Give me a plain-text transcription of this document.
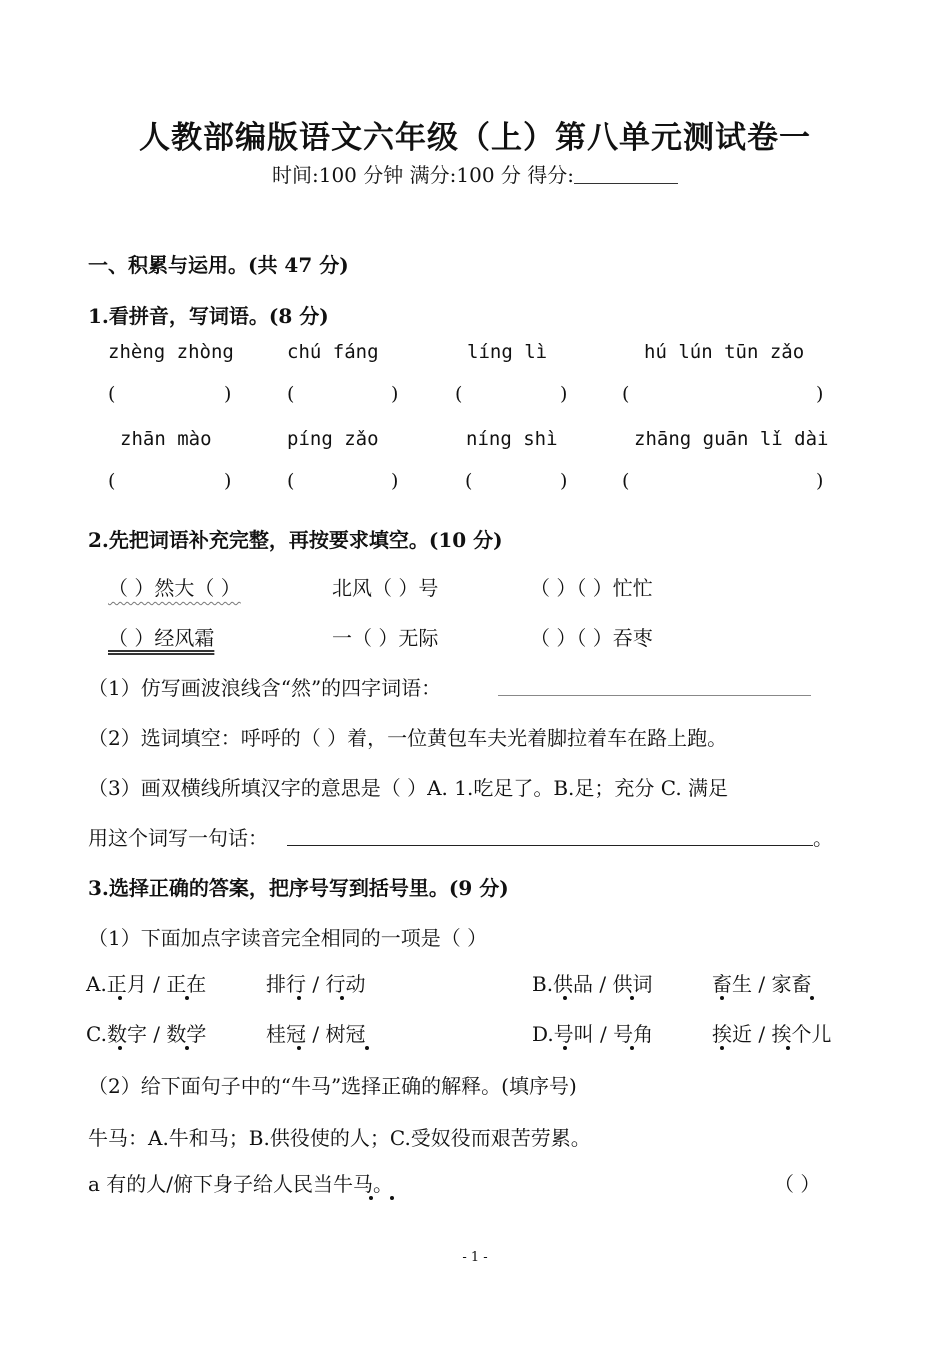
人教部编版语文六年级（上）第八单元测试卷一
时间:100 分钟 满分:100 分 得分:
一、积累与运用。(共 47 分)
1.看拼音，写词语。(8 分)
zhèng zhòng	chú fáng	líng lì	hú lún tūn zǎo
(	)	(	)	(	)	(	)
zhān mào	píng zǎo	níng shì	zhāng guān lǐ dài
(	)	(	)	(	)	(	)
2.先把词语补充完整，再按要求填空。(10 分)
（ ）然大（ ）	北风（ ）号	（ ）（ ）忙忙
（ ）经风霜	一（ ）无际	（ ）（ ）吞枣
（1）仿写画波浪线含“然”的四字词语：
（2）选词填空：呼呼的（ ）着，一位黄包车夫光着脚拉着车在路上跑。
（3）画双横线所填汉字的意思是（ ）A. 1.吃足了。B.足；充分 C. 满足
用这个词写一句话：	。
3.选择正确的答案，把序号写到括号里。(9 分)
（1）下面加点字读音完全相同的一项是（ ）
A.正月 / 正在	排行 / 行动	B.供品 / 供词	畜生 / 家畜
C.数字 / 数学	桂冠 / 树冠	D.号叫 / 号角	挨近 / 挨个儿
（2）给下面句子中的“牛马”选择正确的解释。(填序号)
牛马：A.牛和马；B.供役使的人；C.受奴役而艰苦劳累。
a 有的人/俯下身子给人民当牛马。	（ ）
- 1 -
